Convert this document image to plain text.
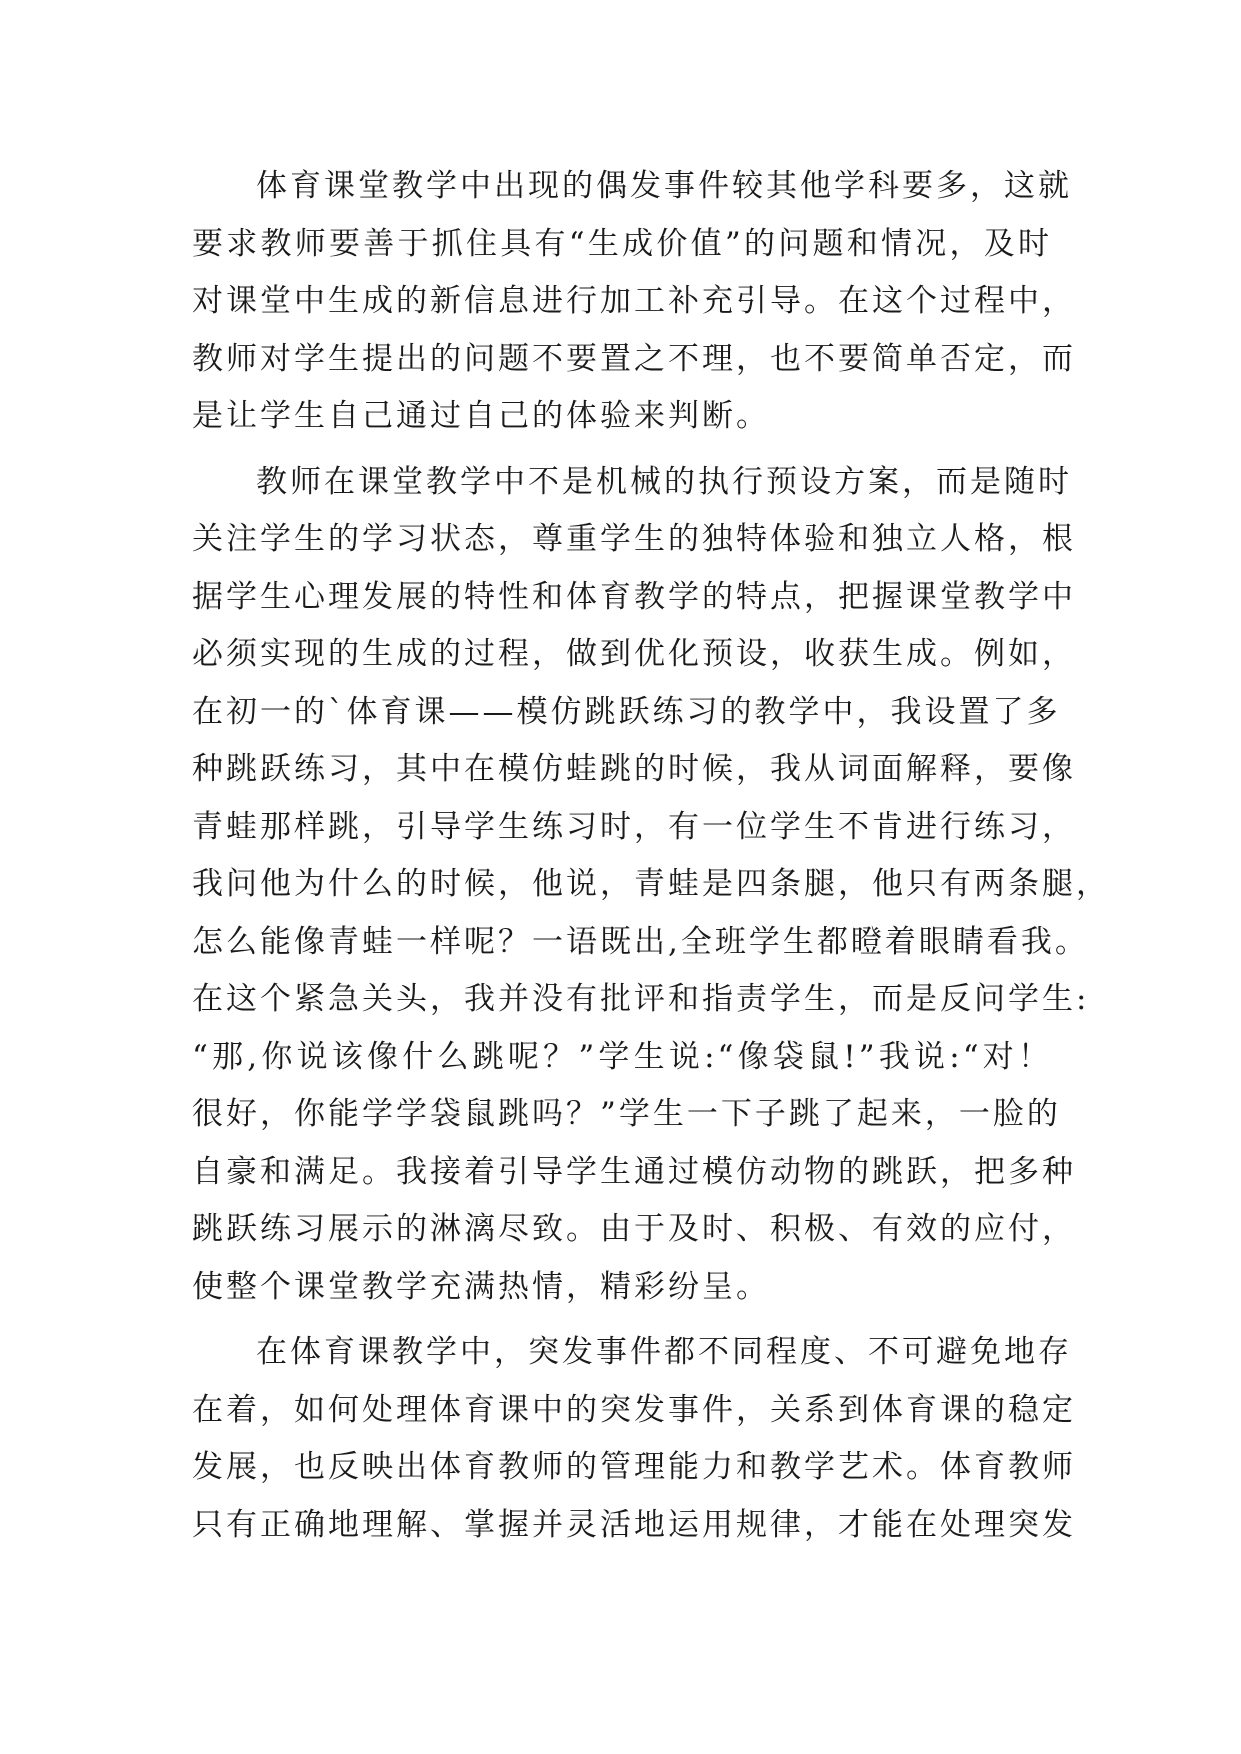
体育课堂教学中出现的偶发事件较其他学科要多，这就
要求教师要善于抓住具有“生成价值”的问题和情况，及时
对课堂中生成的新信息进行加工补充引导。在这个过程中，
教师对学生提出的问题不要置之不理，也不要简单否定，而
是让学生自己通过自己的体验来判断。
教师在课堂教学中不是机械的执行预设方案，而是随时
关注学生的学习状态，尊重学生的独特体验和独立人格，根
据学生心理发展的特性和体育教学的特点，把握课堂教学中
必须实现的生成的过程，做到优化预设，收获生成。例如，
在初一的`体育课——模仿跳跃练习的教学中，我设置了多
种跳跃练习，其中在模仿蛙跳的时候，我从词面解释，要像
青蛙那样跳，引导学生练习时，有一位学生不肯进行练习，
我问他为什么的时候，他说，青蛙是四条腿，他只有两条腿，
怎么能像青蛙一样呢？一语既出,全班学生都瞪着眼睛看我。
在这个紧急关头，我并没有批评和指责学生，而是反问学生:
“那,你说该像什么跳呢？”学生说:“像袋鼠!”我说:“对！
很好，你能学学袋鼠跳吗？”学生一下子跳了起来，一脸的
自豪和满足。我接着引导学生通过模仿动物的跳跃，把多种
跳跃练习展示的淋漓尽致。由于及时、积极、有效的应付，
使整个课堂教学充满热情，精彩纷呈。
在体育课教学中，突发事件都不同程度、不可避免地存
在着，如何处理体育课中的突发事件，关系到体育课的稳定
发展，也反映出体育教师的管理能力和教学艺术。体育教师
只有正确地理解、掌握并灵活地运用规律，才能在处理突发
